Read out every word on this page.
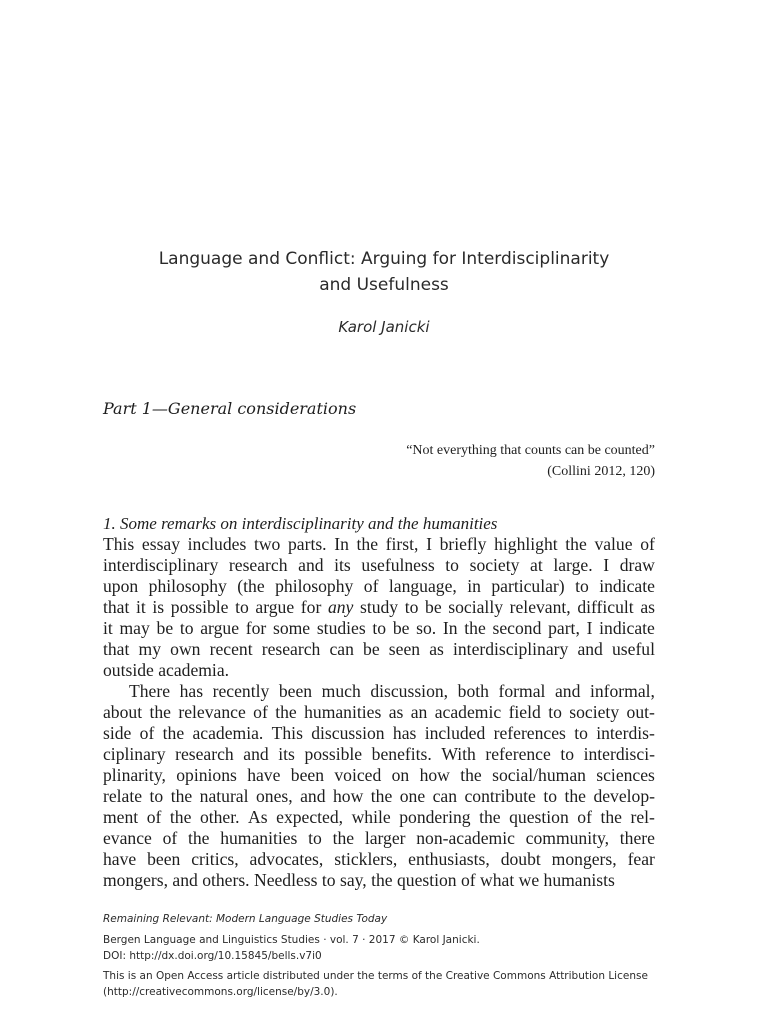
Language and Conflict: Arguing for Interdisciplinarity
and Usefulness
Karol Janicki
Part 1—General considerations
“Not everything that counts can be counted”
(Collini 2012, 120)
1. Some remarks on interdisciplinarity and the humanities
This essay includes two parts. In the first, I briefly highlight the value of
interdisciplinary research and its usefulness to society at large. I draw
upon philosophy (the philosophy of language, in particular) to indicate
that it is possible to argue for any study to be socially relevant, difficult as
it may be to argue for some studies to be so. In the second part, I indicate
that my own recent research can be seen as interdisciplinary and useful
outside academia.
There has recently been much discussion, both formal and informal,
about the relevance of the humanities as an academic field to society out-
side of the academia. This discussion has included references to interdis-
ciplinary research and its possible benefits. With reference to interdisci-
plinarity, opinions have been voiced on how the social/human sciences
relate to the natural ones, and how the one can contribute to the develop-
ment of the other. As expected, while pondering the question of the rel-
evance of the humanities to the larger non-academic community, there
have been critics, advocates, sticklers, enthusiasts, doubt mongers, fear
mongers, and others. Needless to say, the question of what we humanists
Remaining Relevant: Modern Language Studies Today
Bergen Language and Linguistics Studies · vol. 7 · 2017 © Karol Janicki.
DOI: http://dx.doi.org/10.15845/bells.v7i0
This is an Open Access article distributed under the terms of the Creative Commons Attribution License
(http://creativecommons.org/license/by/3.0).
